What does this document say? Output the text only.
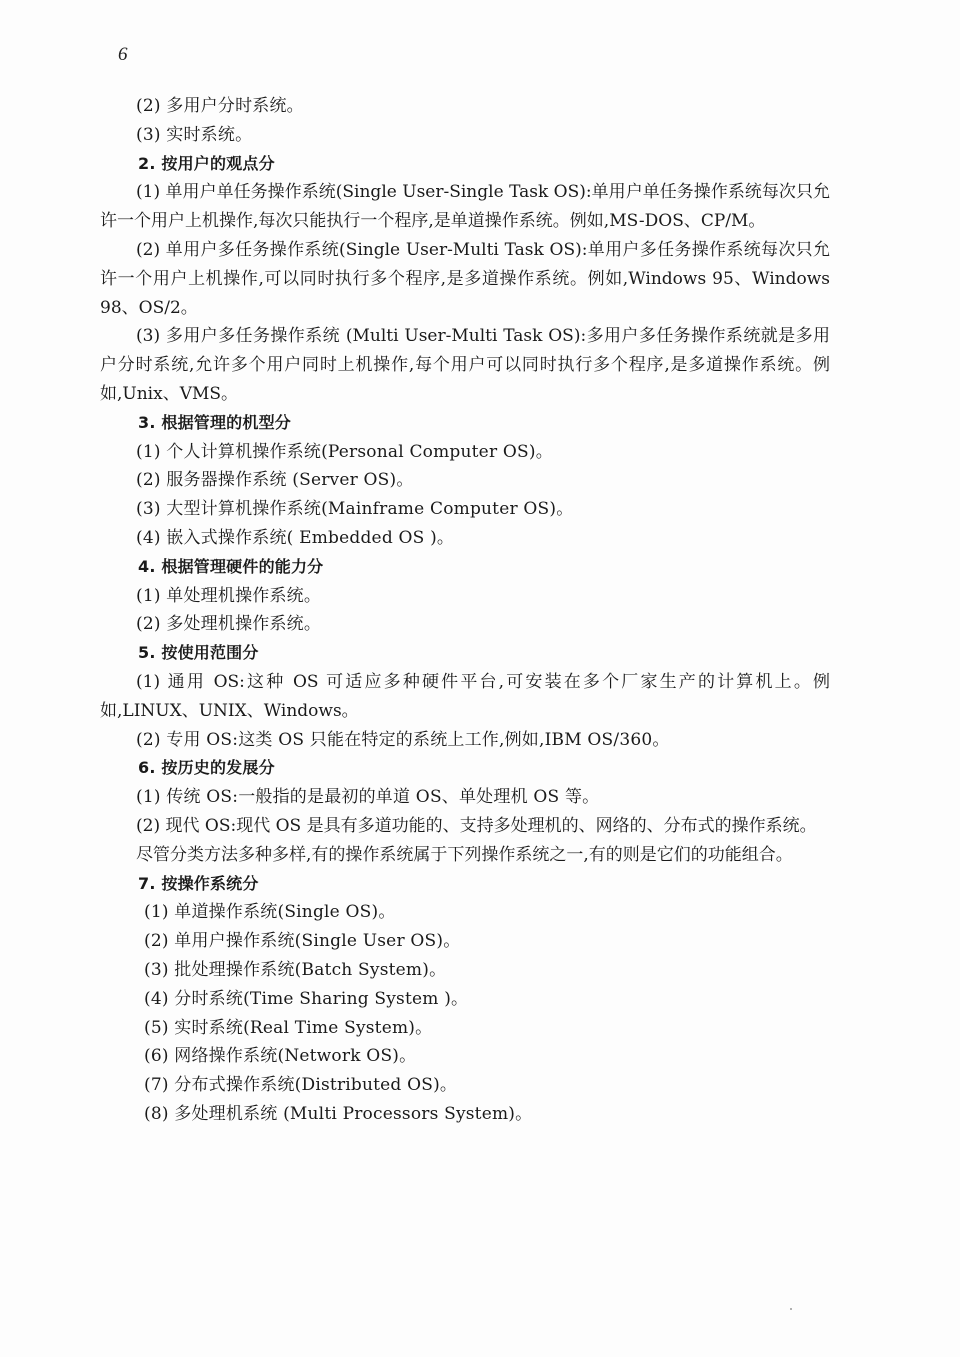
6
(2) 多用户分时系统。
(3) 实时系统。
2. 按用户的观点分
(1) 单用户单任务操作系统(Single User-Single Task OS):单用户单任务操作系统每次只允许一个用户上机操作,每次只能执行一个程序,是单道操作系统。例如,MS-DOS、CP/M。
(2) 单用户多任务操作系统(Single User-Multi Task OS):单用户多任务操作系统每次只允许一个用户上机操作,可以同时执行多个程序,是多道操作系统。例如,Windows 95、Windows 98、OS/2。
(3) 多用户多任务操作系统 (Multi User-Multi Task OS):多用户多任务操作系统就是多用户分时系统,允许多个用户同时上机操作,每个用户可以同时执行多个程序,是多道操作系统。例如,Unix、VMS。
3. 根据管理的机型分
(1) 个人计算机操作系统(Personal Computer OS)。
(2) 服务器操作系统 (Server OS)。
(3) 大型计算机操作系统(Mainframe Computer OS)。
(4) 嵌入式操作系统( Embedded OS )。
4. 根据管理硬件的能力分
(1) 单处理机操作系统。
(2) 多处理机操作系统。
5. 按使用范围分
(1) 通用 OS:这种 OS 可适应多种硬件平台,可安装在多个厂家生产的计算机上。例如,LINUX、UNIX、Windows。
(2) 专用 OS:这类 OS 只能在特定的系统上工作,例如,IBM OS/360。
6. 按历史的发展分
(1) 传统 OS:一般指的是最初的单道 OS、单处理机 OS 等。
(2) 现代 OS:现代 OS 是具有多道功能的、支持多处理机的、网络的、分布式的操作系统。
尽管分类方法多种多样,有的操作系统属于下列操作系统之一,有的则是它们的功能组合。
7. 按操作系统分
(1) 单道操作系统(Single OS)。
(2) 单用户操作系统(Single User OS)。
(3) 批处理操作系统(Batch System)。
(4) 分时系统(Time Sharing System )。
(5) 实时系统(Real Time System)。
(6) 网络操作系统(Network OS)。
(7) 分布式操作系统(Distributed OS)。
(8) 多处理机系统 (Multi Processors System)。
